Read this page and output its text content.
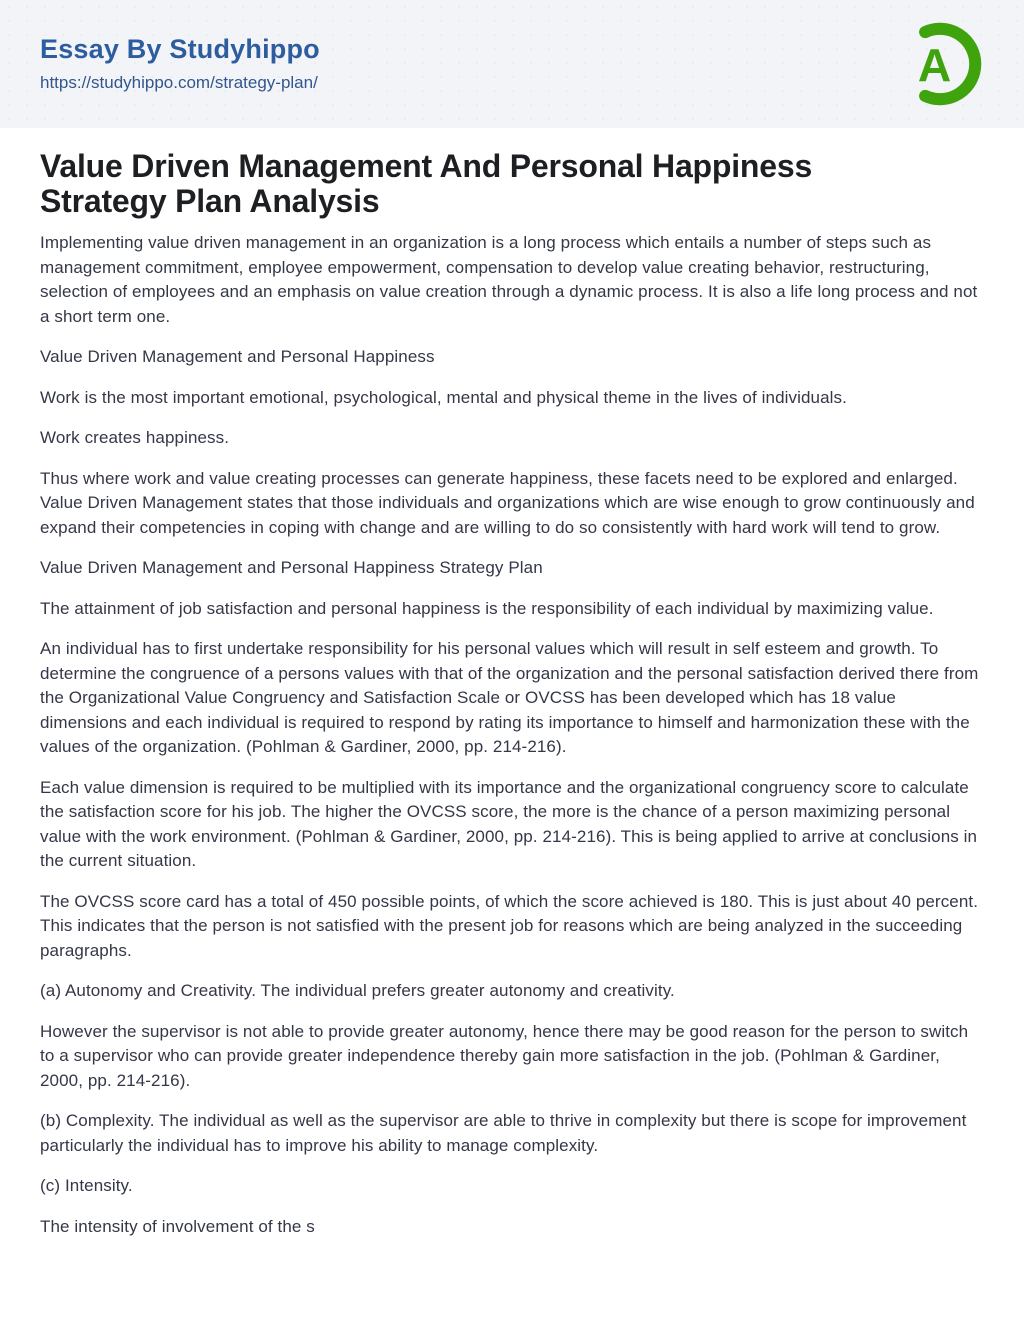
Essay By Studyhippo
https://studyhippo.com/strategy-plan/	A
Value Driven Management And Personal Happiness Strategy Plan Analysis

Implementing value driven management in an organization is a long process which entails a number of steps such as management commitment, employee empowerment, compensation to develop value creating behavior, restructuring, selection of employees and an emphasis on value creation through a dynamic process. It is also a life long process and not a short term one.

Value Driven Management and Personal Happiness

Work is the most important emotional, psychological, mental and physical theme in the lives of individuals.

Work creates happiness.

Thus where work and value creating processes can generate happiness, these facets need to be explored and enlarged. Value Driven Management states that those individuals and organizations which are wise enough to grow continuously and expand their competencies in coping with change and are willing to do so consistently with hard work will tend to grow.

Value Driven Management and Personal Happiness Strategy Plan

The attainment of job satisfaction and personal happiness is the responsibility of each individual by maximizing value.

An individual has to first undertake responsibility for his personal values which will result in self esteem and growth. To determine the congruence of a persons values with that of the organization and the personal satisfaction derived there from the Organizational Value Congruency and Satisfaction Scale or OVCSS has been developed which has 18 value dimensions and each individual is required to respond by rating its importance to himself and harmonization these with the values of the organization. (Pohlman & Gardiner, 2000, pp. 214-216).

Each value dimension is required to be multiplied with its importance and the organizational congruency score to calculate the satisfaction score for his job. The higher the OVCSS score, the more is the chance of a person maximizing personal value with the work environment. (Pohlman & Gardiner, 2000, pp. 214-216). This is being applied to arrive at conclusions in the current situation.

The OVCSS score card has a total of 450 possible points, of which the score achieved is 180. This is just about 40 percent. This indicates that the person is not satisfied with the present job for reasons which are being analyzed in the succeeding paragraphs.

(a) Autonomy and Creativity. The individual prefers greater autonomy and creativity.

However the supervisor is not able to provide greater autonomy, hence there may be good reason for the person to switch to a supervisor who can provide greater independence thereby gain more satisfaction in the job. (Pohlman & Gardiner, 2000, pp. 214-216).

(b) Complexity. The individual as well as the supervisor are able to thrive in complexity but there is scope for improvement particularly the individual has to improve his ability to manage complexity.

(c) Intensity.

The intensity of involvement of the s
